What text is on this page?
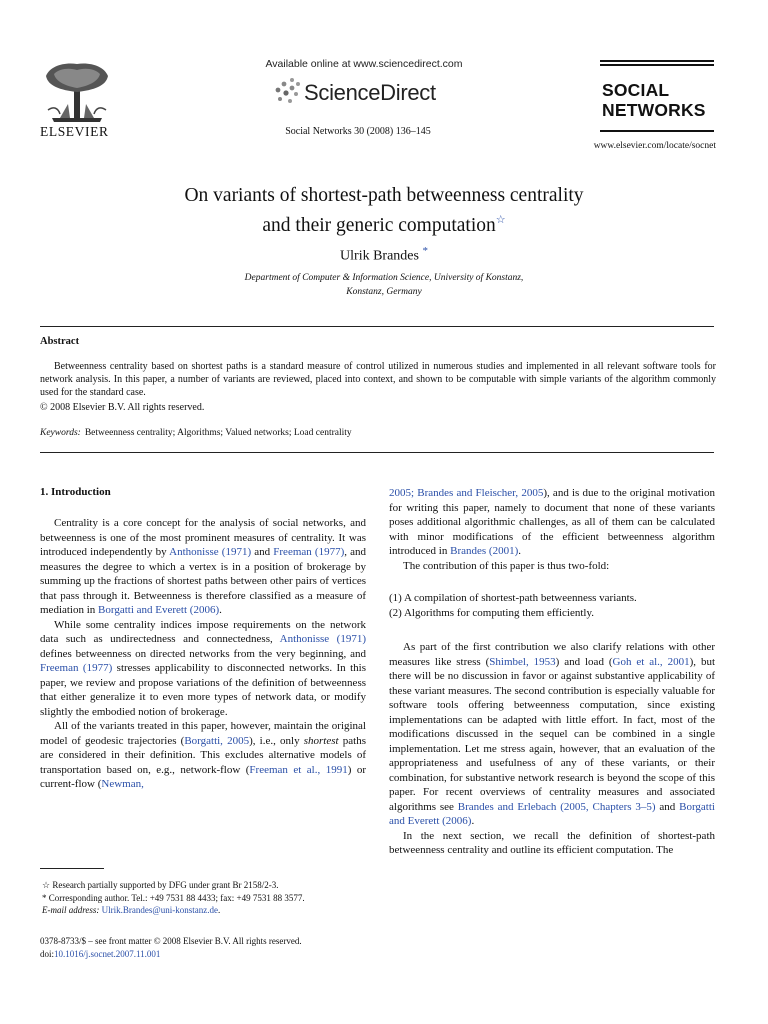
ELSEVIER
Available online at www.sciencedirect.com
ScienceDirect
Social Networks 30 (2008) 136–145
SOCIAL
NETWORKS
www.elsevier.com/locate/socnet
On variants of shortest-path betweenness centrality
and their generic computation☆
Ulrik Brandes *
Department of Computer & Information Science, University of Konstanz,
Konstanz, Germany
Abstract
Betweenness centrality based on shortest paths is a standard measure of control utilized in numerous studies and implemented in all relevant software tools for network analysis. In this paper, a number of variants are reviewed, placed into context, and shown to be computable with simple variants of the algorithm commonly used for the standard case.
© 2008 Elsevier B.V. All rights reserved.
Keywords: Betweenness centrality; Algorithms; Valued networks; Load centrality
1. Introduction

Centrality is a core concept for the analysis of social networks, and betweenness is one of the most prominent measures of centrality. It was introduced independently by Anthonisse (1971) and Freeman (1977), and measures the degree to which a vertex is in a position of brokerage by summing up the fractions of shortest paths between other pairs of vertices that pass through it. Betweenness is therefore classified as a measure of mediation in Borgatti and Everett (2006).

While some centrality indices impose requirements on the network data such as undirectedness and connectedness, Anthonisse (1971) defines betweenness on directed networks from the very beginning, and Freeman (1977) stresses applicability to disconnected networks. In this paper, we review and propose variations of the definition of betweenness that either generalize it to even more types of network data, or modify slightly the embodied notion of brokerage.

All of the variants treated in this paper, however, maintain the original model of geodesic trajectories (Borgatti, 2005), i.e., only shortest paths are considered in their definition. This excludes alternative models of transportation based on, e.g., network-flow (Freeman et al., 1991) or current-flow (Newman,

2005; Brandes and Fleischer, 2005), and is due to the original motivation for writing this paper, namely to document that none of these variants poses additional algorithmic challenges, as all of them can be calculated with minor modifications of the efficient betweenness algorithm introduced in Brandes (2001).

The contribution of this paper is thus two-fold:

(1) A compilation of shortest-path betweenness variants.
(2) Algorithms for computing them efficiently.

As part of the first contribution we also clarify relations with other measures like stress (Shimbel, 1953) and load (Goh et al., 2001), but there will be no discussion in favor or against substantive applicability of these variant measures. The second contribution is especially valuable for software tools offering betweenness computation, since existing implementations can be adapted with little effort. In fact, most of the modifications discussed in the sequel can be combined in a single implementation. Let me stress again, however, that an evaluation of the appropriateness and usefulness of any of these variants, or their combination, for substantive network research is beyond the scope of this paper. For recent overviews of centrality measures and associated algorithms see Brandes and Erlebach (2005, Chapters 3–5) and Borgatti and Everett (2006).

In the next section, we recall the definition of shortest-path betweenness centrality and outline its efficient computation. The

☆ Research partially supported by DFG under grant Br 2158/2-3.
* Corresponding author. Tel.: +49 7531 88 4433; fax: +49 7531 88 3577.
E-mail address: Ulrik.Brandes@uni-konstanz.de.
0378-8733/$ – see front matter © 2008 Elsevier B.V. All rights reserved.
doi:10.1016/j.socnet.2007.11.001
